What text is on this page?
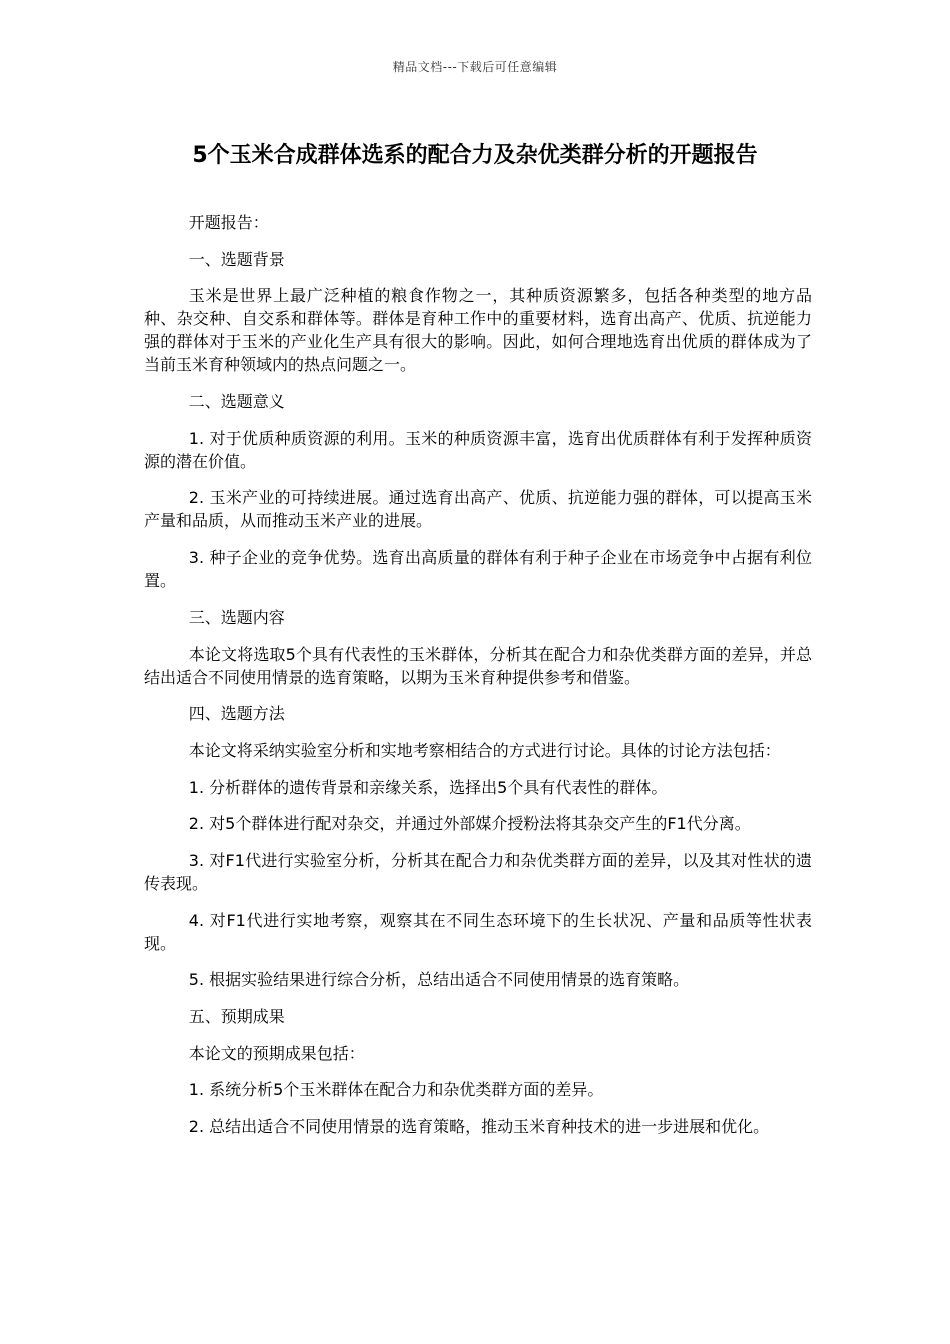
精品文档---下载后可任意编辑
5个玉米合成群体选系的配合力及杂优类群分析的开题报告

开题报告：

一、选题背景

玉米是世界上最广泛种植的粮食作物之一，其种质资源繁多，包括各种类型的地方品种、杂交种、自交系和群体等。群体是育种工作中的重要材料，选育出高产、优质、抗逆能力强的群体对于玉米的产业化生产具有很大的影响。因此，如何合理地选育出优质的群体成为了当前玉米育种领域内的热点问题之一。

二、选题意义

1. 对于优质种质资源的利用。玉米的种质资源丰富，选育出优质群体有利于发挥种质资源的潜在价值。

2. 玉米产业的可持续进展。通过选育出高产、优质、抗逆能力强的群体，可以提高玉米产量和品质，从而推动玉米产业的进展。

3. 种子企业的竞争优势。选育出高质量的群体有利于种子企业在市场竞争中占据有利位置。

三、选题内容

本论文将选取5个具有代表性的玉米群体，分析其在配合力和杂优类群方面的差异，并总结出适合不同使用情景的选育策略，以期为玉米育种提供参考和借鉴。

四、选题方法

本论文将采纳实验室分析和实地考察相结合的方式进行讨论。具体的讨论方法包括：

1. 分析群体的遗传背景和亲缘关系，选择出5个具有代表性的群体。

2. 对5个群体进行配对杂交，并通过外部媒介授粉法将其杂交产生的F1代分离。

3. 对F1代进行实验室分析，分析其在配合力和杂优类群方面的差异，以及其对性状的遗传表现。

4. 对F1代进行实地考察，观察其在不同生态环境下的生长状况、产量和品质等性状表现。

5. 根据实验结果进行综合分析，总结出适合不同使用情景的选育策略。

五、预期成果

本论文的预期成果包括：

1. 系统分析5个玉米群体在配合力和杂优类群方面的差异。

2. 总结出适合不同使用情景的选育策略，推动玉米育种技术的进一步进展和优化。
